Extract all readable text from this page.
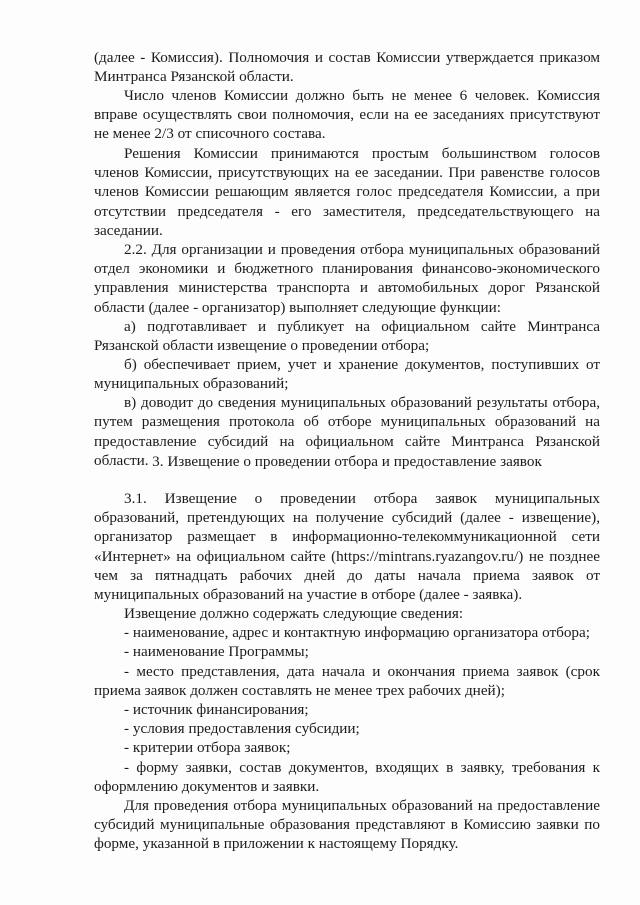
(далее - Комиссия). Полномочия и состав Комиссии утверждается приказом
Минтранса Рязанской области.
Число членов Комиссии должно быть не менее 6 человек. Комиссия
вправе осуществлять свои полномочия, если на ее заседаниях присутствуют
не менее 2/3 от списочного состава.
Решения Комиссии принимаются простым большинством голосов
членов Комиссии, присутствующих на ее заседании. При равенстве голосов
членов Комиссии решающим является голос председателя Комиссии, а при
отсутствии председателя - его заместителя, председательствующего на
заседании.
2.2. Для организации и проведения отбора муниципальных образований
отдел экономики и бюджетного планирования финансово-экономического
управления министерства транспорта и автомобильных дорог Рязанской
области (далее - организатор) выполняет следующие функции:
а) подготавливает и публикует на официальном сайте Минтранса
Рязанской области извещение о проведении отбора;
б) обеспечивает прием, учет и хранение документов, поступивших от
муниципальных образований;
в) доводит до сведения муниципальных образований результаты отбора,
путем размещения протокола об отборе муниципальных образований на
предоставление субсидий на официальном сайте Минтранса Рязанской
области. 3. Извещение о проведении отбора и предоставление заявок
3.1. Извещение о проведении отбора заявок муниципальных
образований, претендующих на получение субсидий (далее - извещение),
организатор размещает в информационно-телекоммуникационной сети
«Интернет» на официальном сайте (https://mintrans.ryazangov.ru/) не позднее
чем за пятнадцать рабочих дней до даты начала приема заявок от
муниципальных образований на участие в отборе (далее - заявка).
Извещение должно содержать следующие сведения:
- наименование, адрес и контактную информацию организатора отбора;
- наименование Программы;
- место представления, дата начала и окончания приема заявок (срок
приема заявок должен составлять не менее трех рабочих дней);
- источник финансирования;
- условия предоставления субсидии;
- критерии отбора заявок;
- форму заявки, состав документов, входящих в заявку, требования к
оформлению документов и заявки.
Для проведения отбора муниципальных образований на предоставление
субсидий муниципальные образования представляют в Комиссию заявки по
форме, указанной в приложении к настоящему Порядку.
